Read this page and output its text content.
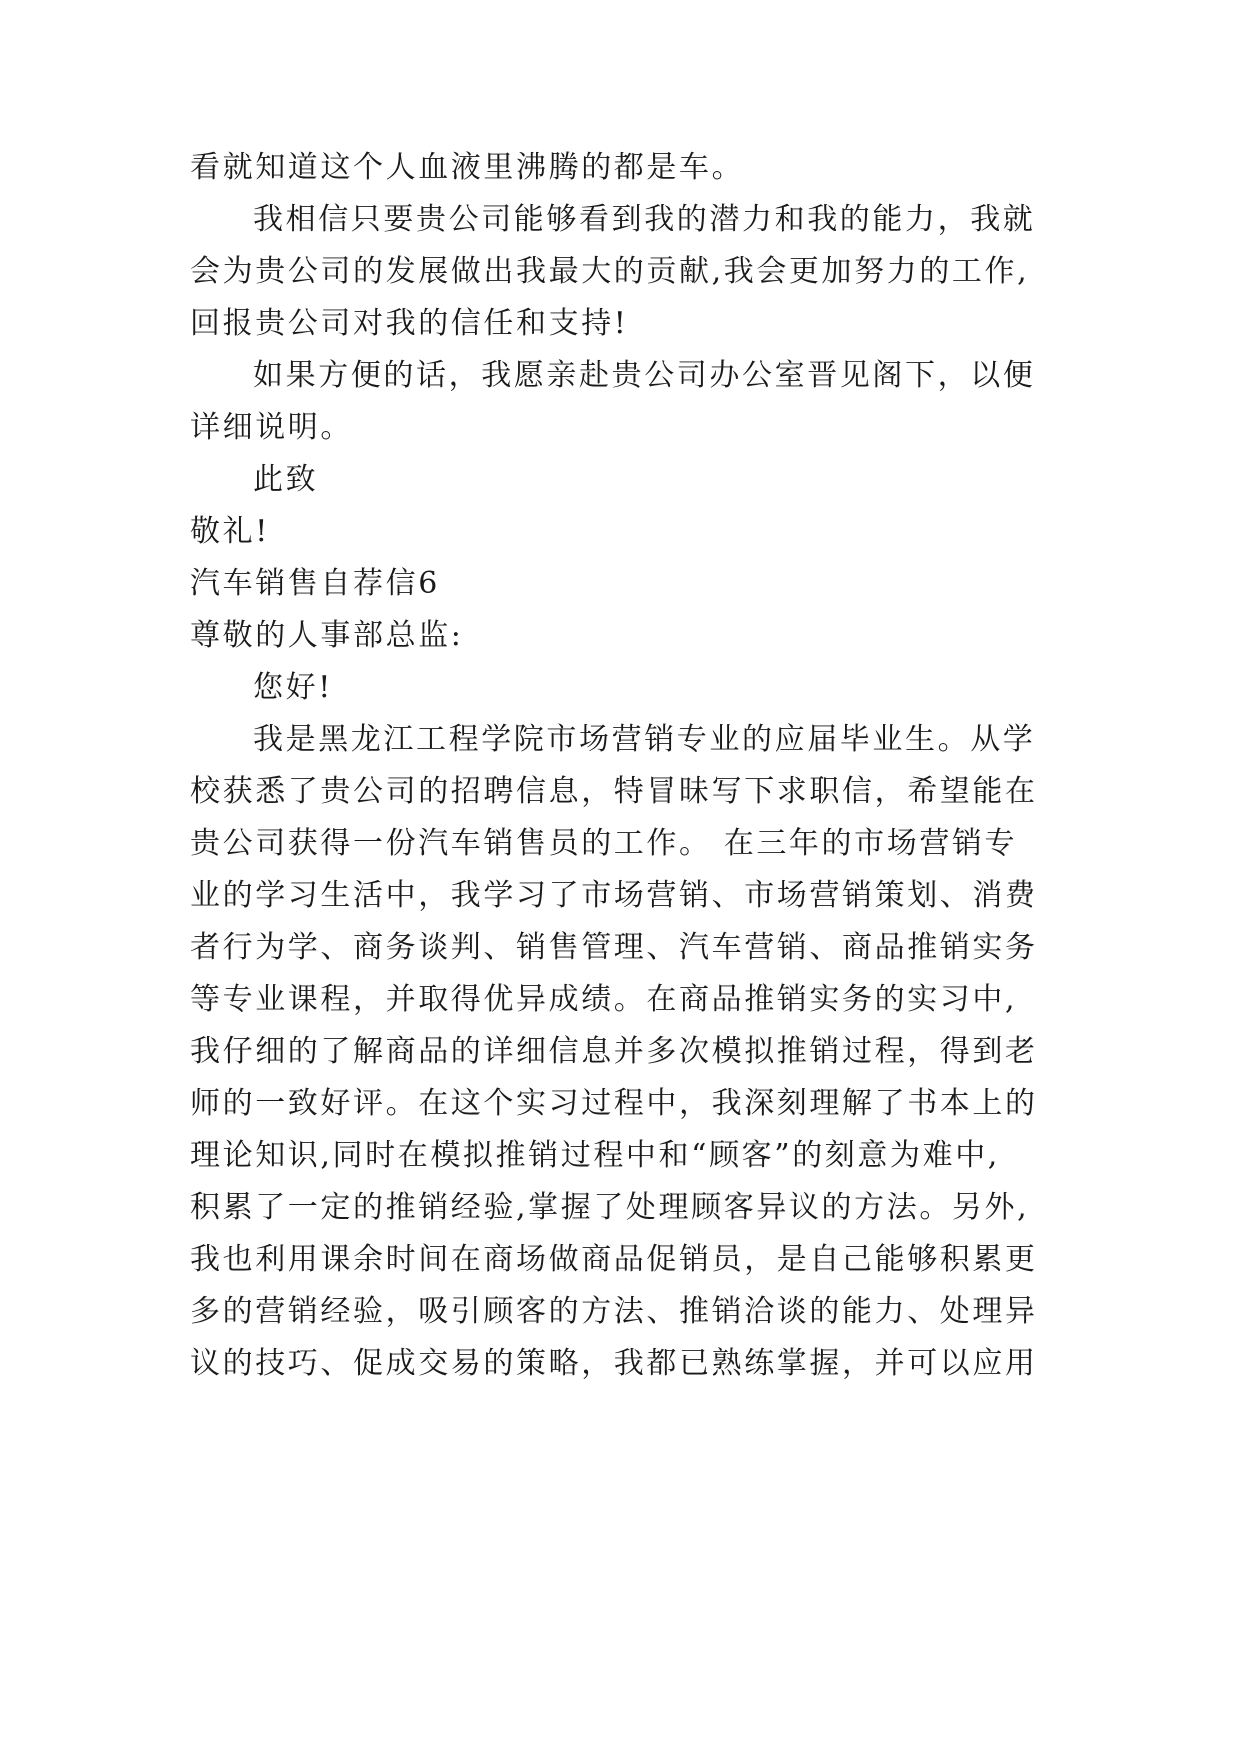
看就知道这个人血液里沸腾的都是车。
我相信只要贵公司能够看到我的潜力和我的能力，我就
会为贵公司的发展做出我最大的贡献,我会更加努力的工作,
回报贵公司对我的信任和支持!
如果方便的话，我愿亲赴贵公司办公室晋见阁下，以便
详细说明。
此致
敬礼!
汽车销售自荐信6
尊敬的人事部总监:
您好!
我是黑龙江工程学院市场营销专业的应届毕业生。从学
校获悉了贵公司的招聘信息，特冒昧写下求职信，希望能在
贵公司获得一份汽车销售员的工作。 在三年的市场营销专
业的学习生活中，我学习了市场营销、市场营销策划、消费
者行为学、商务谈判、销售管理、汽车营销、商品推销实务
等专业课程，并取得优异成绩。在商品推销实务的实习中,
我仔细的了解商品的详细信息并多次模拟推销过程，得到老
师的一致好评。在这个实习过程中，我深刻理解了书本上的
理论知识,同时在模拟推销过程中和“顾客”的刻意为难中,
积累了一定的推销经验,掌握了处理顾客异议的方法。另外,
我也利用课余时间在商场做商品促销员，是自己能够积累更
多的营销经验，吸引顾客的方法、推销洽谈的能力、处理异
议的技巧、促成交易的策略，我都已熟练掌握，并可以应用
